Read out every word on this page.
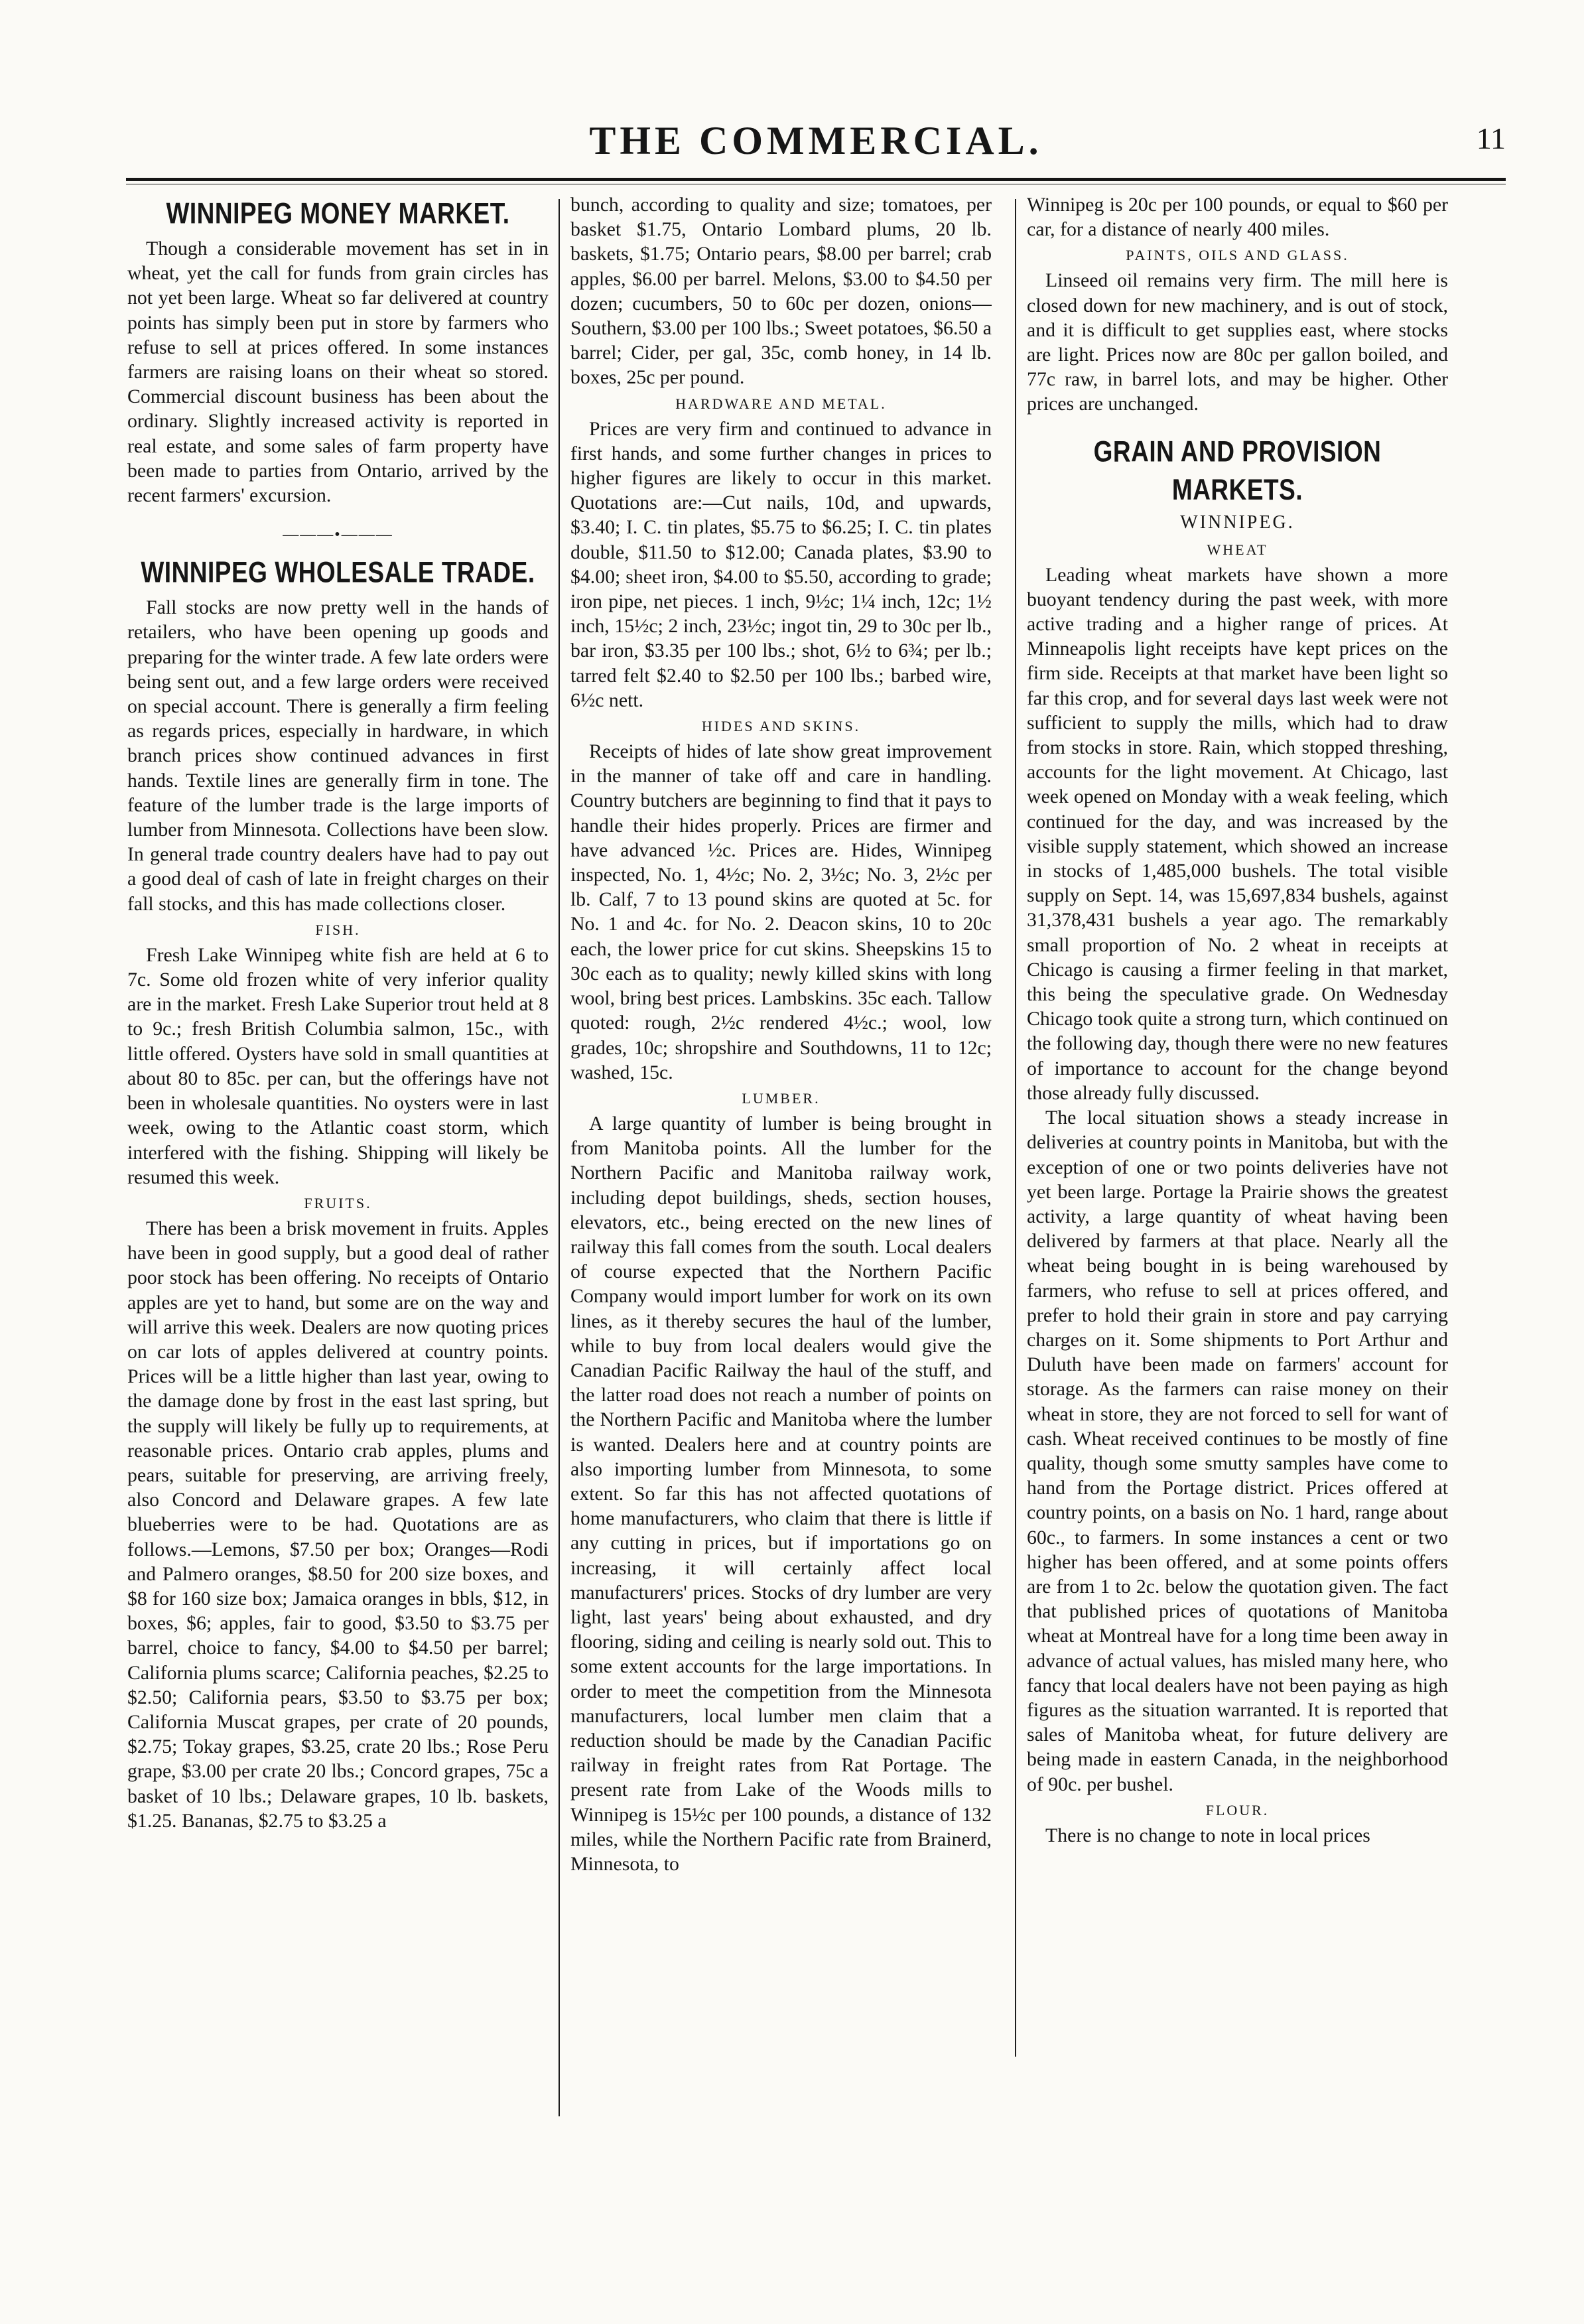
THE COMMERCIAL.	11
WINNIPEG MONEY MARKET.

Though a considerable movement has set in in wheat, yet the call for funds from grain circles has not yet been large. Wheat so far delivered at country points has simply been put in store by farmers who refuse to sell at prices offered. In some instances farmers are raising loans on their wheat so stored. Commercial discount business has been about the ordinary. Slightly increased activity is reported in real estate, and some sales of farm property have been made to parties from Ontario, arrived by the recent farmers' excursion.

———•———
WINNIPEG WHOLESALE TRADE.

Fall stocks are now pretty well in the hands of retailers, who have been opening up goods and preparing for the winter trade. A few late orders were being sent out, and a few large orders were received on special account. There is generally a firm feeling as regards prices, especially in hardware, in which branch prices show continued advances in first hands. Textile lines are generally firm in tone. The feature of the lumber trade is the large imports of lumber from Minnesota. Collections have been slow. In general trade country dealers have had to pay out a good deal of cash of late in freight charges on their fall stocks, and this has made collections closer.

FISH.

Fresh Lake Winnipeg white fish are held at 6 to 7c. Some old frozen white of very inferior quality are in the market. Fresh Lake Superior trout held at 8 to 9c.; fresh British Columbia salmon, 15c., with little offered. Oysters have sold in small quantities at about 80 to 85c. per can, but the offerings have not been in wholesale quantities. No oysters were in last week, owing to the Atlantic coast storm, which interfered with the fishing. Shipping will likely be resumed this week.

FRUITS.

There has been a brisk movement in fruits. Apples have been in good supply, but a good deal of rather poor stock has been offering. No receipts of Ontario apples are yet to hand, but some are on the way and will arrive this week. Dealers are now quoting prices on car lots of apples delivered at country points. Prices will be a little higher than last year, owing to the damage done by frost in the east last spring, but the supply will likely be fully up to requirements, at reasonable prices. Ontario crab apples, plums and pears, suitable for preserving, are arriving freely, also Concord and Delaware grapes. A few late blueberries were to be had. Quotations are as follows.—Lemons, $7.50 per box; Oranges—Rodi and Palmero oranges, $8.50 for 200 size boxes, and $8 for 160 size box; Jamaica oranges in bbls, $12, in boxes, $6; apples, fair to good, $3.50 to $3.75 per barrel, choice to fancy, $4.00 to $4.50 per barrel; California plums scarce; California peaches, $2.25 to $2.50; California pears, $3.50 to $3.75 per box; California Muscat grapes, per crate of 20 pounds, $2.75; Tokay grapes, $3.25, crate 20 lbs.; Rose Peru grape, $3.00 per crate 20 lbs.; Concord grapes, 75c a basket of 10 lbs.; Delaware grapes, 10 lb. baskets, $1.25. Bananas, $2.75 to $3.25 a

bunch, according to quality and size; tomatoes, per basket $1.75, Ontario Lombard plums, 20 lb. baskets, $1.75; Ontario pears, $8.00 per barrel; crab apples, $6.00 per barrel. Melons, $3.00 to $4.50 per dozen; cucumbers, 50 to 60c per dozen, onions—Southern, $3.00 per 100 lbs.; Sweet potatoes, $6.50 a barrel; Cider, per gal, 35c, comb honey, in 14 lb. boxes, 25c per pound.

HARDWARE AND METAL.

Prices are very firm and continued to advance in first hands, and some further changes in prices to higher figures are likely to occur in this market. Quotations are:—Cut nails, 10d, and upwards, $3.40; I. C. tin plates, $5.75 to $6.25; I. C. tin plates double, $11.50 to $12.00; Canada plates, $3.90 to $4.00; sheet iron, $4.00 to $5.50, according to grade; iron pipe, net pieces. 1 inch, 9½c; 1¼ inch, 12c; 1½ inch, 15½c; 2 inch, 23½c; ingot tin, 29 to 30c per lb., bar iron, $3.35 per 100 lbs.; shot, 6½ to 6¾; per lb.; tarred felt $2.40 to $2.50 per 100 lbs.; barbed wire, 6½c nett.

HIDES AND SKINS.

Receipts of hides of late show great improvement in the manner of take off and care in handling. Country butchers are beginning to find that it pays to handle their hides properly. Prices are firmer and have advanced ½c. Prices are. Hides, Winnipeg inspected, No. 1, 4½c; No. 2, 3½c; No. 3, 2½c per lb. Calf, 7 to 13 pound skins are quoted at 5c. for No. 1 and 4c. for No. 2. Deacon skins, 10 to 20c each, the lower price for cut skins. Sheepskins 15 to 30c each as to quality; newly killed skins with long wool, bring best prices. Lambskins. 35c each. Tallow quoted: rough, 2½c rendered 4½c.; wool, low grades, 10c; shropshire and Southdowns, 11 to 12c; washed, 15c.

LUMBER.

A large quantity of lumber is being brought in from Manitoba points. All the lumber for the Northern Pacific and Manitoba railway work, including depot buildings, sheds, section houses, elevators, etc., being erected on the new lines of railway this fall comes from the south. Local dealers of course expected that the Northern Pacific Company would import lumber for work on its own lines, as it thereby secures the haul of the lumber, while to buy from local dealers would give the Canadian Pacific Railway the haul of the stuff, and the latter road does not reach a number of points on the Northern Pacific and Manitoba where the lumber is wanted. Dealers here and at country points are also importing lumber from Minnesota, to some extent. So far this has not affected quotations of home manufacturers, who claim that there is little if any cutting in prices, but if importations go on increasing, it will certainly affect local manufacturers' prices. Stocks of dry lumber are very light, last years' being about exhausted, and dry flooring, siding and ceiling is nearly sold out. This to some extent accounts for the large importations. In order to meet the competition from the Minnesota manufacturers, local lumber men claim that a reduction should be made by the Canadian Pacific railway in freight rates from Rat Portage. The present rate from Lake of the Woods mills to Winnipeg is 15½c per 100 pounds, a distance of 132 miles, while the Northern Pacific rate from Brainerd, Minnesota, to

Winnipeg is 20c per 100 pounds, or equal to $60 per car, for a distance of nearly 400 miles.

PAINTS, OILS AND GLASS.

Linseed oil remains very firm. The mill here is closed down for new machinery, and is out of stock, and it is difficult to get supplies east, where stocks are light. Prices now are 80c per gallon boiled, and 77c raw, in barrel lots, and may be higher. Other prices are unchanged.

GRAIN AND PROVISION MARKETS.
WINNIPEG.
WHEAT

Leading wheat markets have shown a more buoyant tendency during the past week, with more active trading and a higher range of prices. At Minneapolis light receipts have kept prices on the firm side. Receipts at that market have been light so far this crop, and for several days last week were not sufficient to supply the mills, which had to draw from stocks in store. Rain, which stopped threshing, accounts for the light movement. At Chicago, last week opened on Monday with a weak feeling, which continued for the day, and was increased by the visible supply statement, which showed an increase in stocks of 1,485,000 bushels. The total visible supply on Sept. 14, was 15,697,834 bushels, against 31,378,431 bushels a year ago. The remarkably small proportion of No. 2 wheat in receipts at Chicago is causing a firmer feeling in that market, this being the speculative grade. On Wednesday Chicago took quite a strong turn, which continued on the following day, though there were no new features of importance to account for the change beyond those already fully discussed.

The local situation shows a steady increase in deliveries at country points in Manitoba, but with the exception of one or two points deliveries have not yet been large. Portage la Prairie shows the greatest activity, a large quantity of wheat having been delivered by farmers at that place. Nearly all the wheat being bought in is being warehoused by farmers, who refuse to sell at prices offered, and prefer to hold their grain in store and pay carrying charges on it. Some shipments to Port Arthur and Duluth have been made on farmers' account for storage. As the farmers can raise money on their wheat in store, they are not forced to sell for want of cash. Wheat received continues to be mostly of fine quality, though some smutty samples have come to hand from the Portage district. Prices offered at country points, on a basis on No. 1 hard, range about 60c., to farmers. In some instances a cent or two higher has been offered, and at some points offers are from 1 to 2c. below the quotation given. The fact that published prices of quotations of Manitoba wheat at Montreal have for a long time been away in advance of actual values, has misled many here, who fancy that local dealers have not been paying as high figures as the situation warranted. It is reported that sales of Manitoba wheat, for future delivery are being made in eastern Canada, in the neighborhood of 90c. per bushel.

FLOUR.

There is no change to note in local prices
